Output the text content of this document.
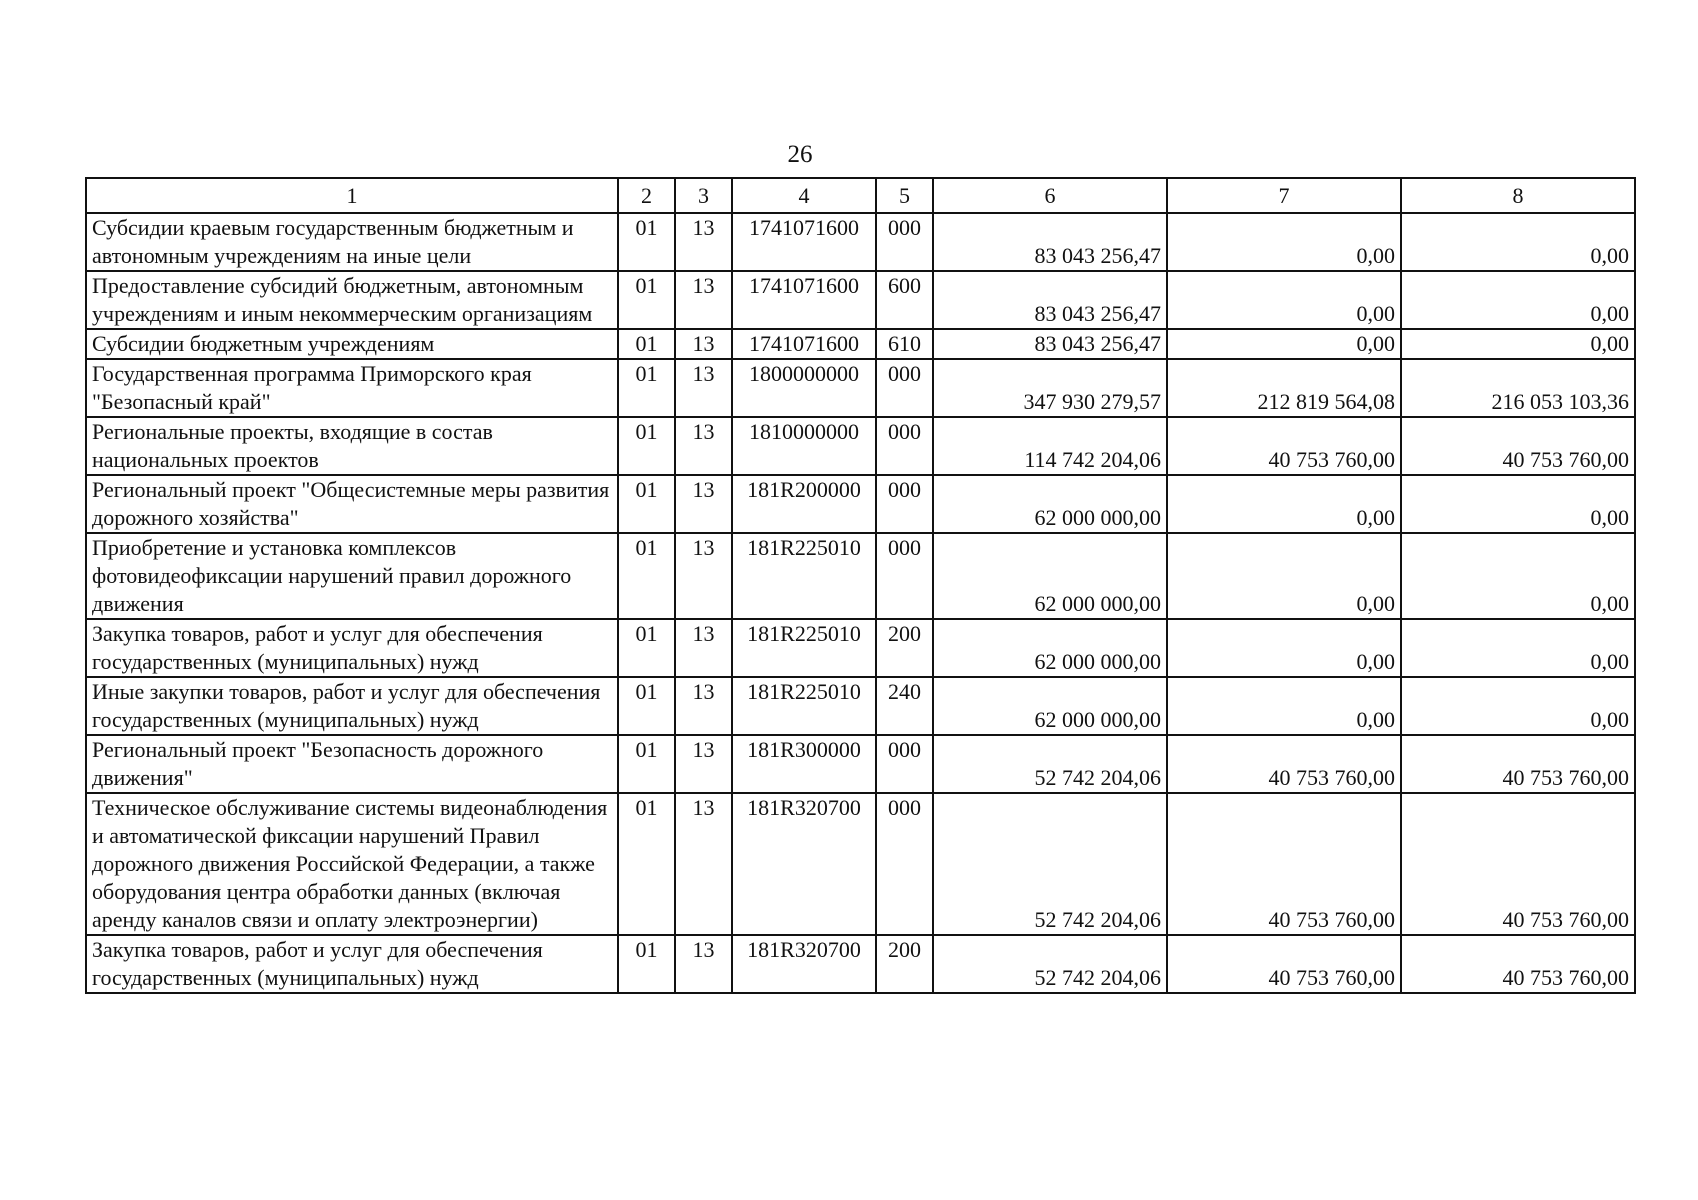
26
1	2	3	4	5	6	7	8
Субсидии краевым государственным бюджетным и автономным учреждениям на иные цели	01	13	1741071600	000	83 043 256,47	0,00	0,00
Предоставление субсидий бюджетным, автономным учреждениям и иным некоммерческим организациям	01	13	1741071600	600	83 043 256,47	0,00	0,00
Субсидии бюджетным учреждениям	01	13	1741071600	610	83 043 256,47	0,00	0,00
Государственная программа Приморского края "Безопасный край"	01	13	1800000000	000	347 930 279,57	212 819 564,08	216 053 103,36
Региональные проекты, входящие в состав национальных проектов	01	13	1810000000	000	114 742 204,06	40 753 760,00	40 753 760,00
Региональный проект "Общесистемные меры развития дорожного хозяйства"	01	13	181R200000	000	62 000 000,00	0,00	0,00
Приобретение и установка комплексов фотовидеофиксации нарушений правил дорожного движения	01	13	181R225010	000	62 000 000,00	0,00	0,00
Закупка товаров, работ и услуг для обеспечения государственных (муниципальных) нужд	01	13	181R225010	200	62 000 000,00	0,00	0,00
Иные закупки товаров, работ и услуг для обеспечения государственных (муниципальных) нужд	01	13	181R225010	240	62 000 000,00	0,00	0,00
Региональный проект "Безопасность дорожного движения"	01	13	181R300000	000	52 742 204,06	40 753 760,00	40 753 760,00
Техническое обслуживание системы видеонаблюдения и автоматической фиксации нарушений Правил дорожного движения Российской Федерации, а также оборудования центра обработки данных (включая аренду каналов связи и оплату электроэнергии)	01	13	181R320700	000	52 742 204,06	40 753 760,00	40 753 760,00
Закупка товаров, работ и услуг для обеспечения государственных (муниципальных) нужд	01	13	181R320700	200	52 742 204,06	40 753 760,00	40 753 760,00
